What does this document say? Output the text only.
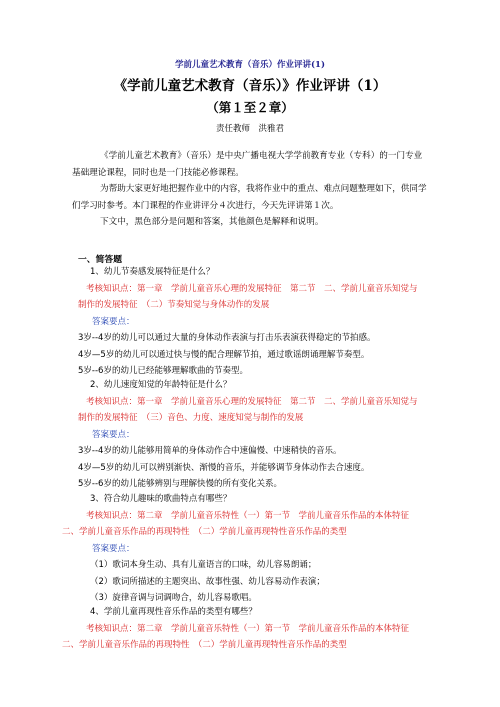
学前儿童艺术教育（音乐）作业评讲(1)
《学前儿童艺术教育（音乐）》作业评讲（1）
（第１至２章）
责任教师　洪雅君

《学前儿童艺术教育》（音乐）是中央广播电视大学学前教育专业（专科）的一门专业基础理论课程，同时也是一门技能必修课程。

为帮助大家更好地把握作业中的内容，我将作业中的重点、难点问题整理如下，供同学们学习时参考。本门课程的作业讲评分４次进行，今天先评讲第１次。

下文中，黑色部分是问题和答案，其他颜色是解释和说明。

一、简答题

1、幼儿节奏感发展特征是什么？

考核知识点：第一章　学前儿童音乐心理的发展特征　第二节　二、学前儿童音乐知觉与

制作的发展特征　（二）节奏知觉与身体动作的发展

答案要点：

3岁--4岁的幼儿可以通过大量的身体动作表演与打击乐表演获得稳定的节拍感。

4岁—5岁的幼儿可以通过快与慢的配合理解节拍，通过歌谣朗诵理解节奏型。

5岁--6岁的幼儿已经能够理解歌曲的节奏型。

2、幼儿速度知觉的年龄特征是什么？

考核知识点：第一章　学前儿童音乐心理的发展特征　第二节　二、学前儿童音乐知觉与

制作的发展特征　（三）音色、力度、速度知觉与制作的发展

答案要点：

3岁--4岁的幼儿能够用简单的身体动作合中速偏慢、中速稍快的音乐。

4岁—5岁的幼儿可以辨别渐快、渐慢的音乐，并能够调节身体动作去合速度。

5岁--6岁的幼儿能够辨别与理解快慢的所有变化关系。

3、符合幼儿趣味的歌曲特点有哪些？

考核知识点：第二章　学前儿童音乐特性（一）第一节　学前儿童音乐作品的本体特征

二、学前儿童音乐作品的再现特性　（二）学前儿童再现特性音乐作品的类型

答案要点：

（1）歌词本身生动、具有儿童语言的口味，幼儿容易朗诵；

（2）歌词所描述的主题突出、故事性强、幼儿容易动作表演；

（3）旋律音调与词调吻合，幼儿容易歌唱。

4、学前儿童再现性音乐作品的类型有哪些？

考核知识点：第二章　学前儿童音乐特性（一）第一节　学前儿童音乐作品的本体特征

二、学前儿童音乐作品的再现特性　（二）学前儿童再现特性音乐作品的类型
